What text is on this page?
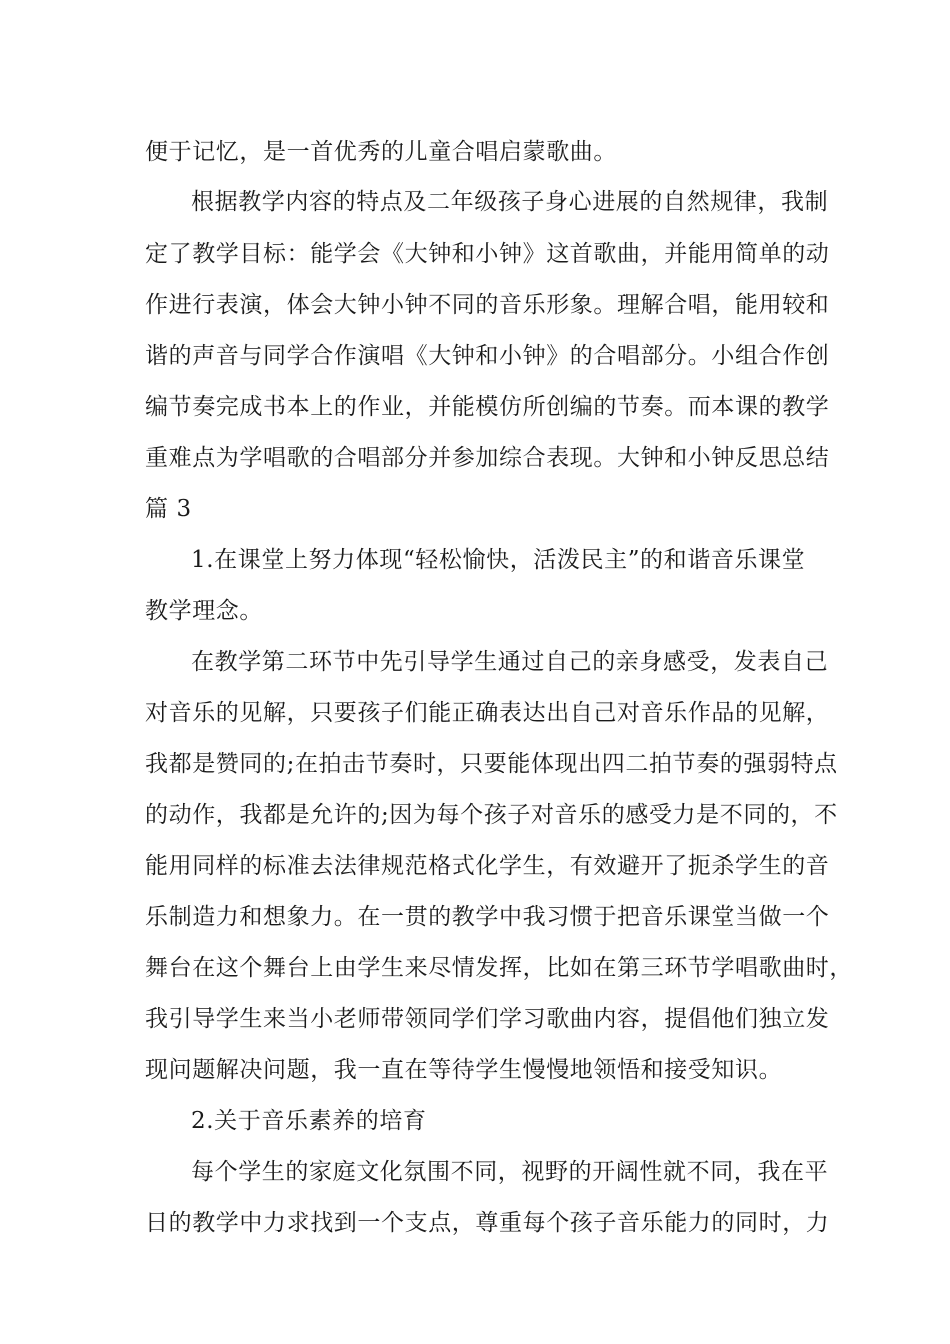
便于记忆，是一首优秀的儿童合唱启蒙歌曲。
根据教学内容的特点及二年级孩子身心进展的自然规律，我制
定了教学目标：能学会《大钟和小钟》这首歌曲，并能用简单的动
作进行表演，体会大钟小钟不同的音乐形象。理解合唱，能用较和
谐的声音与同学合作演唱《大钟和小钟》的合唱部分。小组合作创
编节奏完成书本上的作业，并能模仿所创编的节奏。而本课的教学
重难点为学唱歌的合唱部分并参加综合表现。大钟和小钟反思总结
篇 3
1.在课堂上努力体现“轻松愉快，活泼民主”的和谐音乐课堂
教学理念。
在教学第二环节中先引导学生通过自己的亲身感受，发表自己
对音乐的见解，只要孩子们能正确表达出自己对音乐作品的见解，
我都是赞同的;在拍击节奏时，只要能体现出四二拍节奏的强弱特点
的动作，我都是允许的;因为每个孩子对音乐的感受力是不同的，不
能用同样的标准去法律规范格式化学生，有效避开了扼杀学生的音
乐制造力和想象力。在一贯的教学中我习惯于把音乐课堂当做一个
舞台在这个舞台上由学生来尽情发挥，比如在第三环节学唱歌曲时，
我引导学生来当小老师带领同学们学习歌曲内容，提倡他们独立发
现问题解决问题，我一直在等待学生慢慢地领悟和接受知识。
2.关于音乐素养的培育
每个学生的家庭文化氛围不同，视野的开阔性就不同，我在平
日的教学中力求找到一个支点，尊重每个孩子音乐能力的同时，力
